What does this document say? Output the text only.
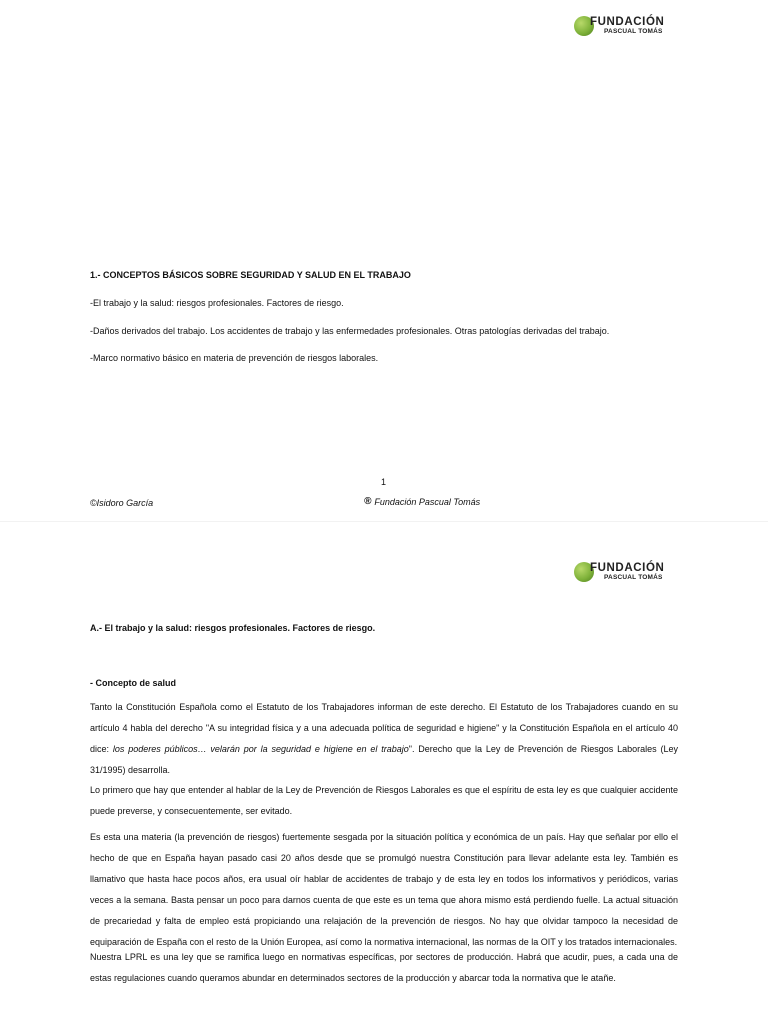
FUNDACIÓN
PASCUAL TOMÁS
1.- CONCEPTOS BÁSICOS SOBRE SEGURIDAD Y SALUD EN EL TRABAJO
-El trabajo y la salud: riesgos profesionales. Factores de riesgo.
-Daños derivados del trabajo. Los accidentes de trabajo y las enfermedades profesionales. Otras patologías derivadas del trabajo.
-Marco normativo básico en materia de prevención de riesgos laborales.
1
©Isidoro García	® Fundación Pascual Tomás
FUNDACIÓN
PASCUAL TOMÁS
A.- El trabajo y la salud: riesgos profesionales. Factores de riesgo.
- Concepto de salud
Tanto la Constitución Española como el Estatuto de los Trabajadores informan de este derecho. El Estatuto de los Trabajadores cuando en su artículo 4 habla del derecho "A su integridad física y a una adecuada política de seguridad e higiene" y la Constitución Española en el artículo 40 dice: los poderes públicos… velarán por la seguridad e higiene en el trabajo". Derecho que la Ley de Prevención de Riesgos Laborales (Ley 31/1995) desarrolla.
Lo primero que hay que entender al hablar de la Ley de Prevención de Riesgos Laborales es que el espíritu de esta ley es que cualquier accidente puede preverse, y consecuentemente, ser evitado.
Es esta una materia (la prevención de riesgos) fuertemente sesgada por la situación política y económica de un país. Hay que señalar por ello el hecho de que en España hayan pasado casi 20 años desde que se promulgó nuestra Constitución para llevar adelante esta ley. También es llamativo que hasta hace pocos años, era usual oír hablar de accidentes de trabajo y de esta ley en todos los informativos y periódicos, varias veces a la semana. Basta pensar un poco para darnos cuenta de que este es un tema que ahora mismo está perdiendo fuelle. La actual situación de precariedad y falta de empleo está propiciando una relajación de la prevención de riesgos. No hay que olvidar tampoco la necesidad de equiparación de España con el resto de la Unión Europea, así como la normativa internacional, las normas de la OIT y los tratados internacionales.
Nuestra LPRL es una ley que se ramifica luego en normativas específicas, por sectores de producción. Habrá que acudir, pues, a cada una de estas regulaciones cuando queramos abundar en determinados sectores de la producción y abarcar toda la normativa que le atañe.
